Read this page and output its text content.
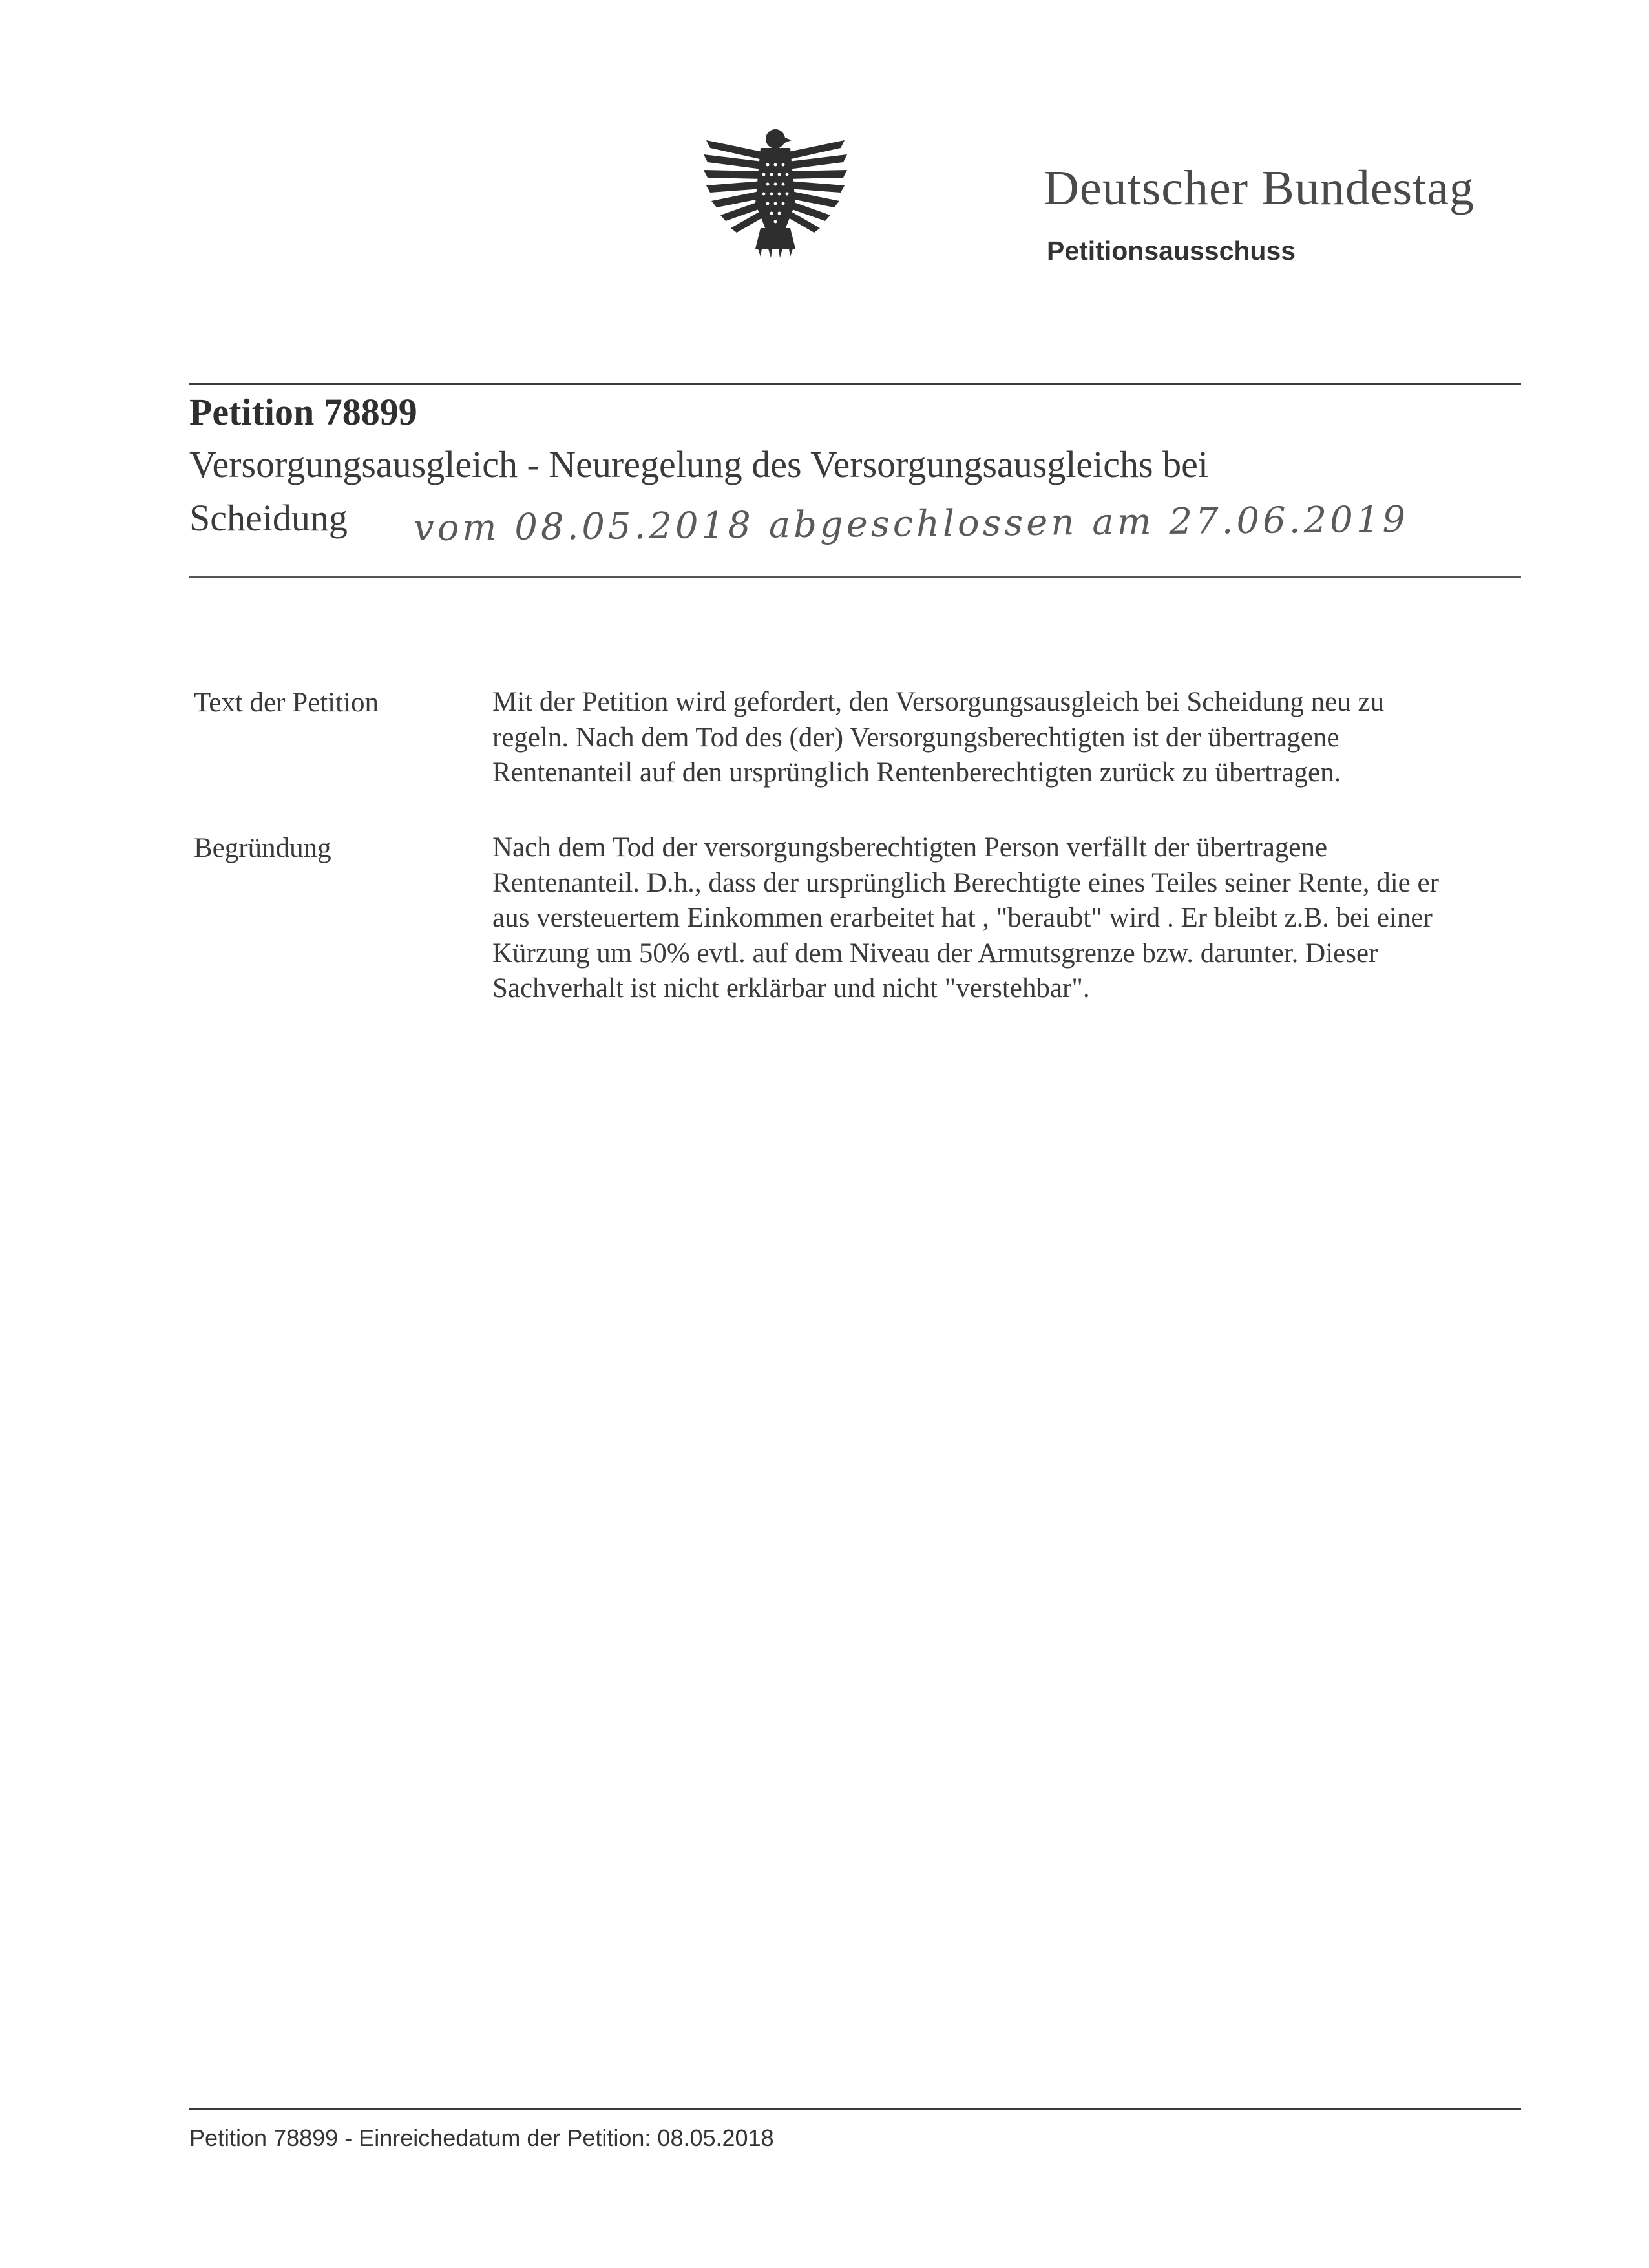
Deutscher Bundestag
Petitionsausschuss
Petition 78899
Versorgungsausgleich - Neuregelung des Versorgungsausgleichs bei
Scheidung vom 08.05.2018 abgeschlossen am 27.06.2019
Text der Petition	Mit der Petition wird gefordert, den Versorgungsausgleich bei Scheidung neu zu

regeln. Nach dem Tod des (der) Versorgungsberechtigten ist der übertragene

Rentenanteil auf den ursprünglich Rentenberechtigten zurück zu übertragen.

Begründung	Nach dem Tod der versorgungsberechtigten Person verfällt der übertragene

Rentenanteil. D.h., dass der ursprünglich Berechtigte eines Teiles seiner Rente, die er

aus versteuertem Einkommen erarbeitet hat , "beraubt" wird . Er bleibt z.B. bei einer

Kürzung um 50% evtl. auf dem Niveau der Armutsgrenze bzw. darunter. Dieser

Sachverhalt ist nicht erklärbar und nicht "verstehbar".

Petition 78899 - Einreichedatum der Petition: 08.05.2018
